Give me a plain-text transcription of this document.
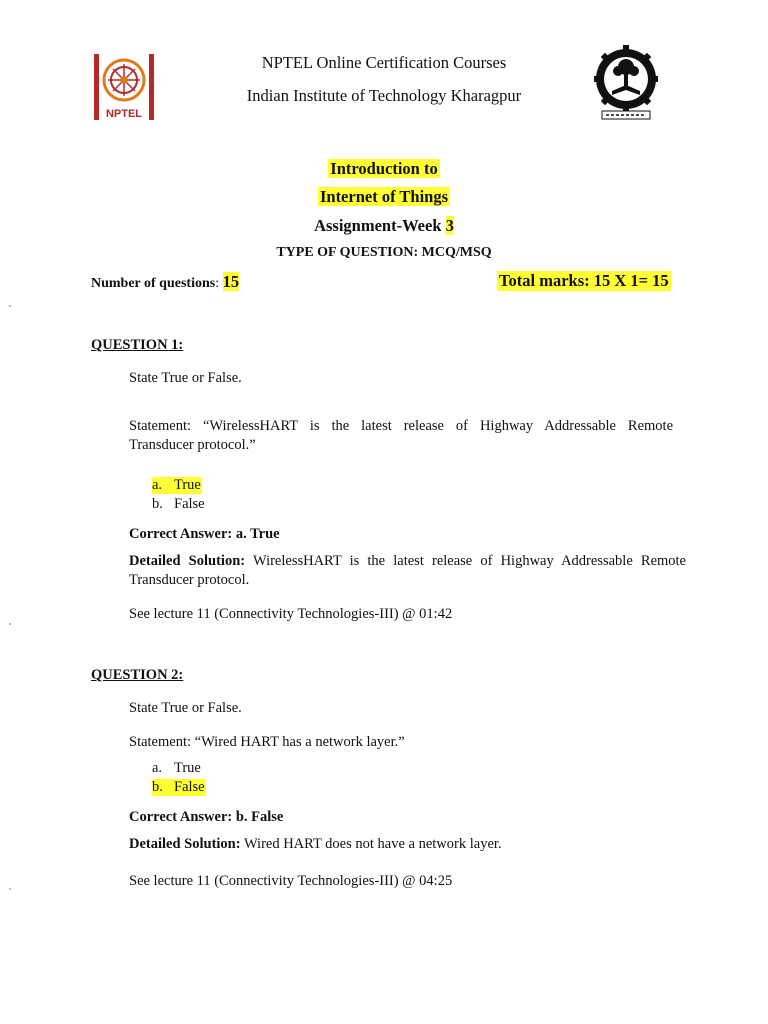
NPTEL
NPTEL Online Certification Courses
Indian Institute of Technology Kharagpur
Introduction to
Internet of Things
Assignment-Week 3
TYPE OF QUESTION: MCQ/MSQ
Number of questions: 15	Total marks: 15 X 1= 15
QUESTION 1:
State True or False.
Statement: “WirelessHART is the latest release of Highway Addressable Remote
Transducer protocol.”
a. True
b. False
Correct Answer: a. True
Detailed Solution: WirelessHART is the latest release of Highway Addressable Remote
Transducer protocol.
See lecture 11 (Connectivity Technologies-III) @ 01:42
QUESTION 2:
State True or False.
Statement: “Wired HART has a network layer.”
a. True
b. False
Correct Answer: b. False
Detailed Solution: Wired HART does not have a network layer.
See lecture 11 (Connectivity Technologies-III) @ 04:25
